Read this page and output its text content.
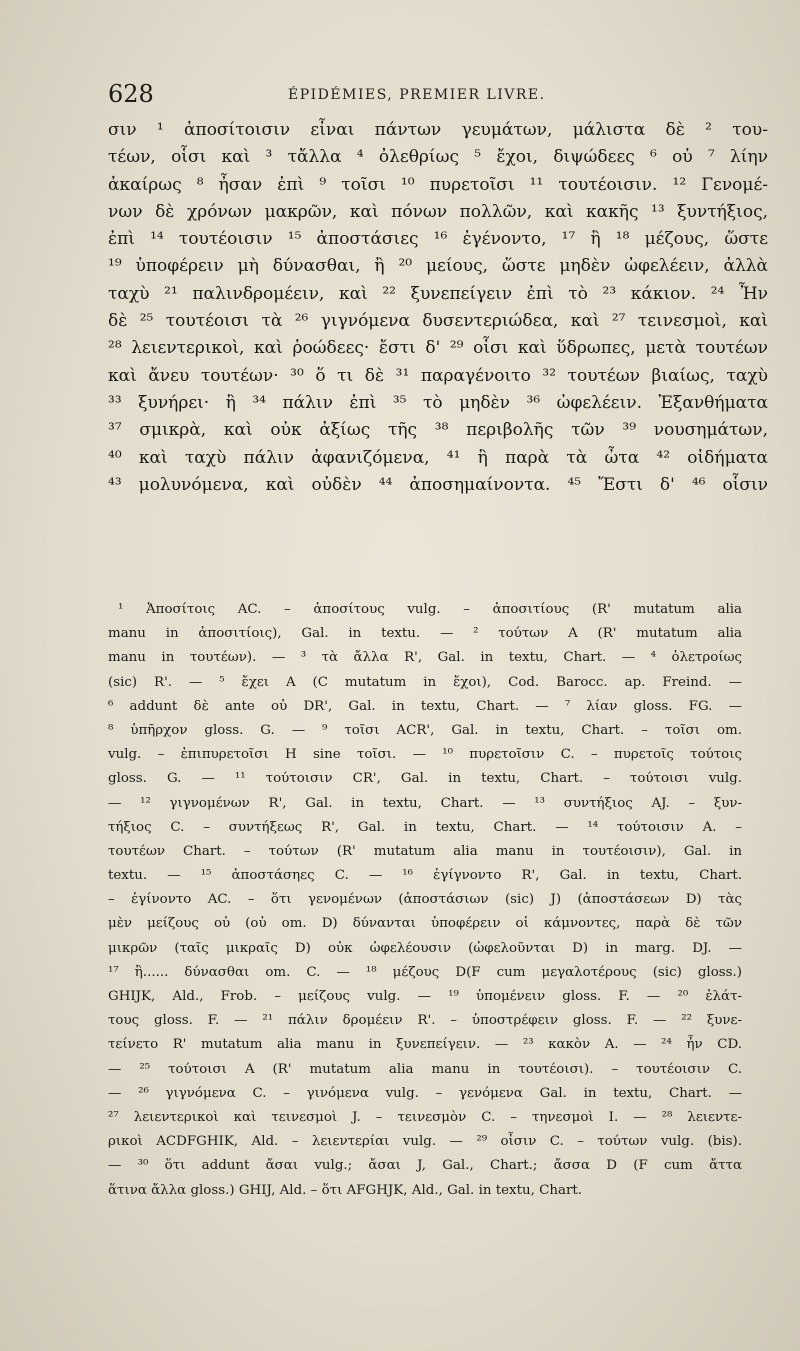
628	ÉPIDÉMIES, PREMIER LIVRE.
σιν ¹ ἀποσίτοισιν εἶναι πάντων γευμάτων, μάλιστα δὲ ² του-
τέων, οἷσι καὶ ³ τἄλλα ⁴ ὀλεθρίως ⁵ ἔχοι, διψώδεες ⁶ οὐ ⁷ λίην
ἀκαίρως ⁸ ἦσαν ἐπὶ ⁹ τοῖσι ¹⁰ πυρετοῖσι ¹¹ τουτέοισιν. ¹² Γενομέ-
νων δὲ χρόνων μακρῶν, καὶ πόνων πολλῶν, καὶ κακῆς ¹³ ξυντήξιος,
ἐπὶ ¹⁴ τουτέοισιν ¹⁵ ἀποστάσιες ¹⁶ ἐγένοντο, ¹⁷ ἢ ¹⁸ μέζους, ὥστε
¹⁹ ὑποφέρειν μὴ δύνασθαι, ἢ ²⁰ μείους, ὥστε μηδὲν ὠφελέειν, ἀλλὰ
ταχὺ ²¹ παλινδρομέειν, καὶ ²² ξυνεπείγειν ἐπὶ τὸ ²³ κάκιον. ²⁴ Ἦν
δὲ ²⁵ τουτέοισι τὰ ²⁶ γιγνόμενα δυσεντεριώδεα, καὶ ²⁷ τεινεσμοὶ, καὶ
²⁸ λειεντερικοὶ, καὶ ῥοώδεες· ἔστι δ' ²⁹ οἷσι καὶ ὕδρωπες, μετὰ τουτέων
καὶ ἄνευ τουτέων· ³⁰ ὅ τι δὲ ³¹ παραγένοιτο ³² τουτέων βιαίως, ταχὺ
³³ ξυνήρει· ἢ ³⁴ πάλιν ἐπὶ ³⁵ τὸ μηδὲν ³⁶ ὠφελέειν. Ἐξανθήματα
³⁷ σμικρὰ, καὶ οὐκ ἀξίως τῆς ³⁸ περιβολῆς τῶν ³⁹ νουσημάτων,
⁴⁰ καὶ ταχὺ πάλιν ἀφανιζόμενα, ⁴¹ ἢ παρὰ τὰ ὦτα ⁴² οἰδήματα
⁴³ μολυνόμενα, καὶ οὐδὲν ⁴⁴ ἀποσημαίνοντα. ⁴⁵ Ἔστι δ' ⁴⁶ οἷσιν
¹ Ἀποσίτοις AC. – ἀποσίτους vulg. – ἀποσιτίους (R' mutatum alia
manu in ἀποσιτίοις), Gal. in textu. — ² τούτων A (R' mutatum alia
manu in τουτέων). — ³ τὰ ἄλλα R', Gal. in textu, Chart. — ⁴ ὀλετροίως
(sic) R'. — ⁵ ἔχει A (C mutatum in ἔχοι), Cod. Barocc. ap. Freind. —
⁶ addunt δὲ ante οὐ DR', Gal. in textu, Chart. — ⁷ λίαν gloss. FG. —
⁸ ὑπῆρχον gloss. G. — ⁹ τοῖσι ACR', Gal. in textu, Chart. – τοῖσι om.
vulg. – ἐπιπυρετοῖσι H sine τοῖσι. — ¹⁰ πυρετοῖσιν C. – πυρετοῖς τούτοις
gloss. G. — ¹¹ τούτοισιν CR', Gal. in textu, Chart. – τούτοισι vulg.
— ¹² γιγνομένων R', Gal. in textu, Chart. — ¹³ συντήξιος AJ. – ξυν-
τήξιος C. – συντήξεως R', Gal. in textu, Chart. — ¹⁴ τούτοισιν A. –
τουτέων Chart. – τούτων (R' mutatum alia manu in τουτέοισιν), Gal. in
textu. — ¹⁵ ἀποστάσηες C. — ¹⁶ ἐγίγνοντο R', Gal. in textu, Chart.
– ἐγίνοντο AC. – ὅτι γενομένων (ἀποστάσιων (sic) J) (ἀποστάσεων D) τὰς
μὲν μείζους οὐ (οὐ om. D) δύνανται ὑποφέρειν οἱ κάμνοντες, παρὰ δὲ τῶν
μικρῶν (ταῖς μικραῖς D) οὐκ ὠφελέουσιν (ὠφελοῦνται D) in marg. DJ. —
¹⁷ ἢ...... δύνασθαι om. C. — ¹⁸ μέζους D(F cum μεγαλοτέρους (sic) gloss.)
GHIJK, Ald., Frob. – μείζους vulg. — ¹⁹ ὑπομένειν gloss. F. — ²⁰ ἐλάτ-
τους gloss. F. — ²¹ πάλιν δρομέειν R'. – ὑποστρέφειν gloss. F. — ²² ξυνε-
τείνετο R' mutatum alia manu in ξυνεπείγειν. — ²³ κακὸν A. — ²⁴ ἦν CD.
— ²⁵ τούτοισι A (R' mutatum alia manu in τουτέοισι). – τουτέοισιν C.
— ²⁶ γιγνόμενα C. – γινόμενα vulg. – γενόμενα Gal. in textu, Chart. —
²⁷ λειεντερικοὶ καὶ τεινεσμοὶ J. – τεινεσμὸν C. – τηνεσμοὶ I. — ²⁸ λειεντε-
ρικοὶ ACDFGHIK, Ald. – λειεντερίαι vulg. — ²⁹ οἷσιν C. – τούτων vulg. (bis).
— ³⁰ ὅτι addunt ἄσαι vulg.; ἄσαι J, Gal., Chart.; ἄσσα D (F cum ἄττα
ἅτινα ἄλλα gloss.) GHIJ, Ald. – ὅτι AFGHJK, Ald., Gal. in textu, Chart.
